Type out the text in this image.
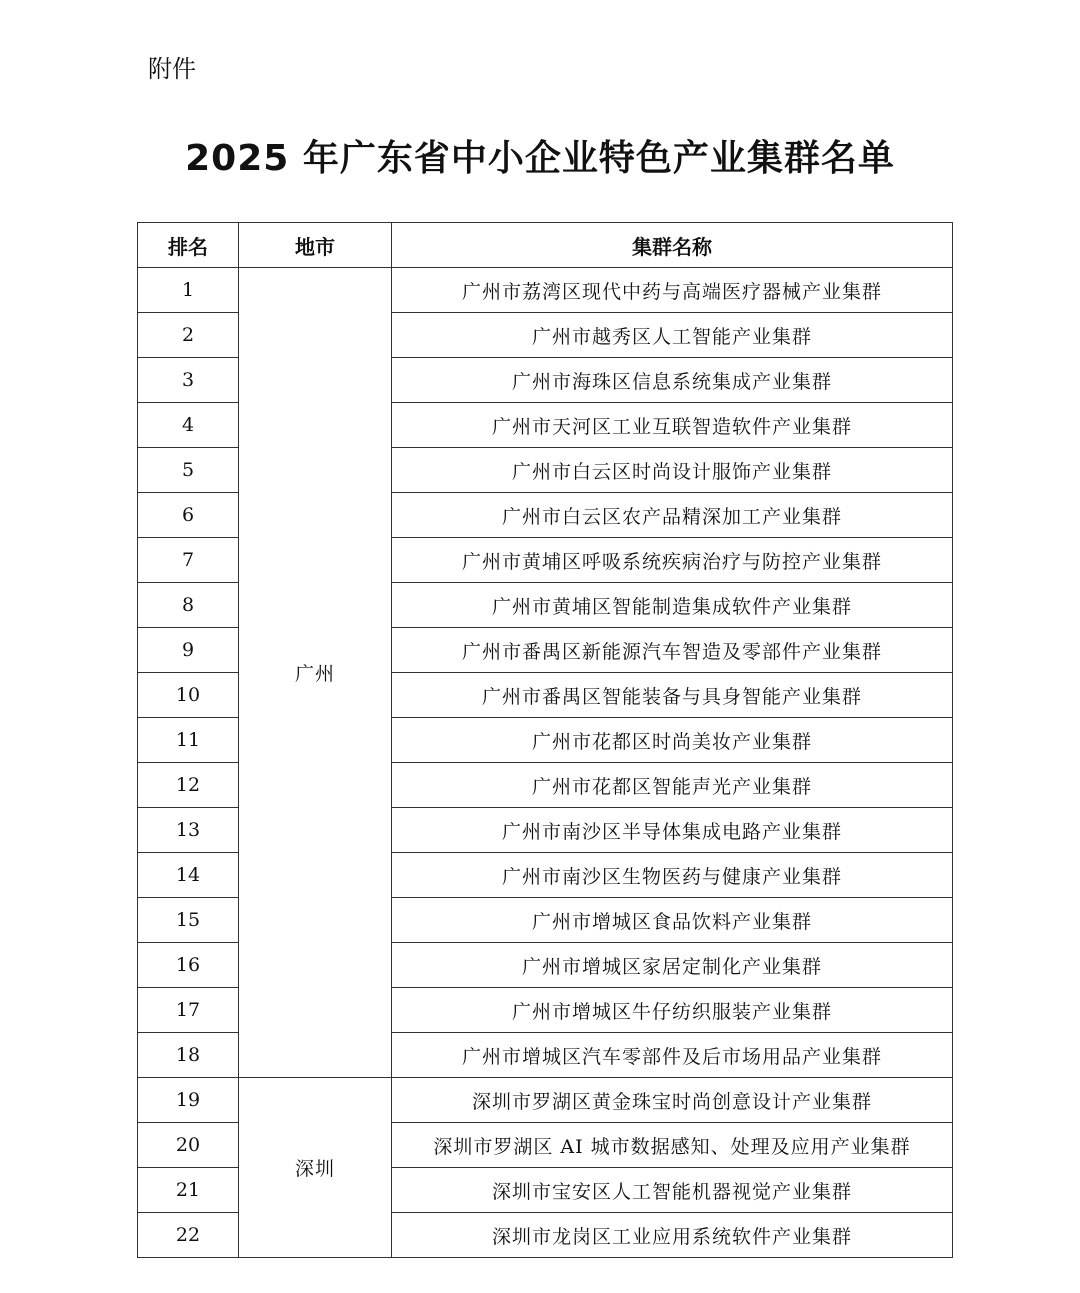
附件
2025 年广东省中小企业特色产业集群名单
排名	地市	集群名称
1	广州	广州市荔湾区现代中药与高端医疗器械产业集群
2		广州市越秀区人工智能产业集群
3		广州市海珠区信息系统集成产业集群
4		广州市天河区工业互联智造软件产业集群
5		广州市白云区时尚设计服饰产业集群
6		广州市白云区农产品精深加工产业集群
7		广州市黄埔区呼吸系统疾病治疗与防控产业集群
8		广州市黄埔区智能制造集成软件产业集群
9		广州市番禺区新能源汽车智造及零部件产业集群
10		广州市番禺区智能装备与具身智能产业集群
11		广州市花都区时尚美妆产业集群
12		广州市花都区智能声光产业集群
13		广州市南沙区半导体集成电路产业集群
14		广州市南沙区生物医药与健康产业集群
15		广州市增城区食品饮料产业集群
16		广州市增城区家居定制化产业集群
17		广州市增城区牛仔纺织服装产业集群
18		广州市增城区汽车零部件及后市场用品产业集群
19	深圳	深圳市罗湖区黄金珠宝时尚创意设计产业集群
20		深圳市罗湖区 AI 城市数据感知、处理及应用产业集群
21		深圳市宝安区人工智能机器视觉产业集群
22		深圳市龙岗区工业应用系统软件产业集群
